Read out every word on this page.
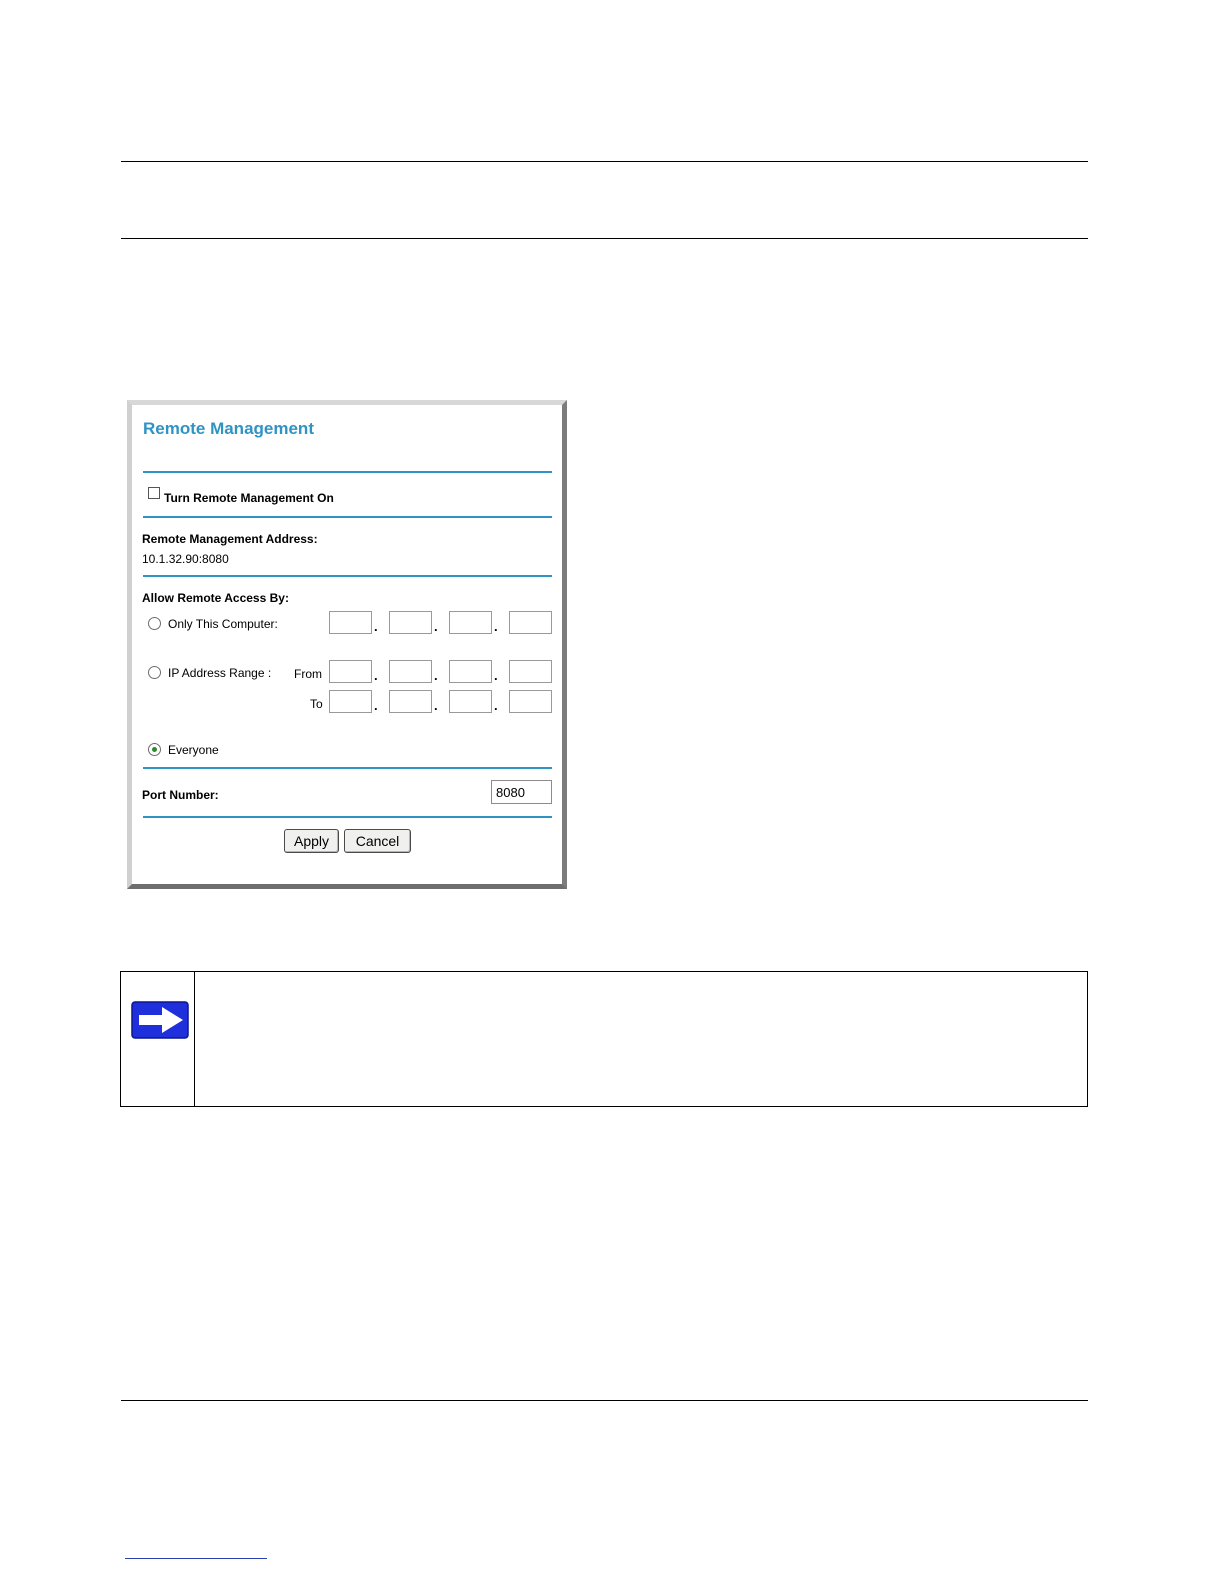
Remote Management
Turn Remote Management On
Remote Management Address:
10.1.32.90:8080
Allow Remote Access By:
Only This Computer:	.	.	.
IP Address Range : From	.	.	.
To	.	.	.
Everyone
Port Number:	8080
Apply	Cancel
